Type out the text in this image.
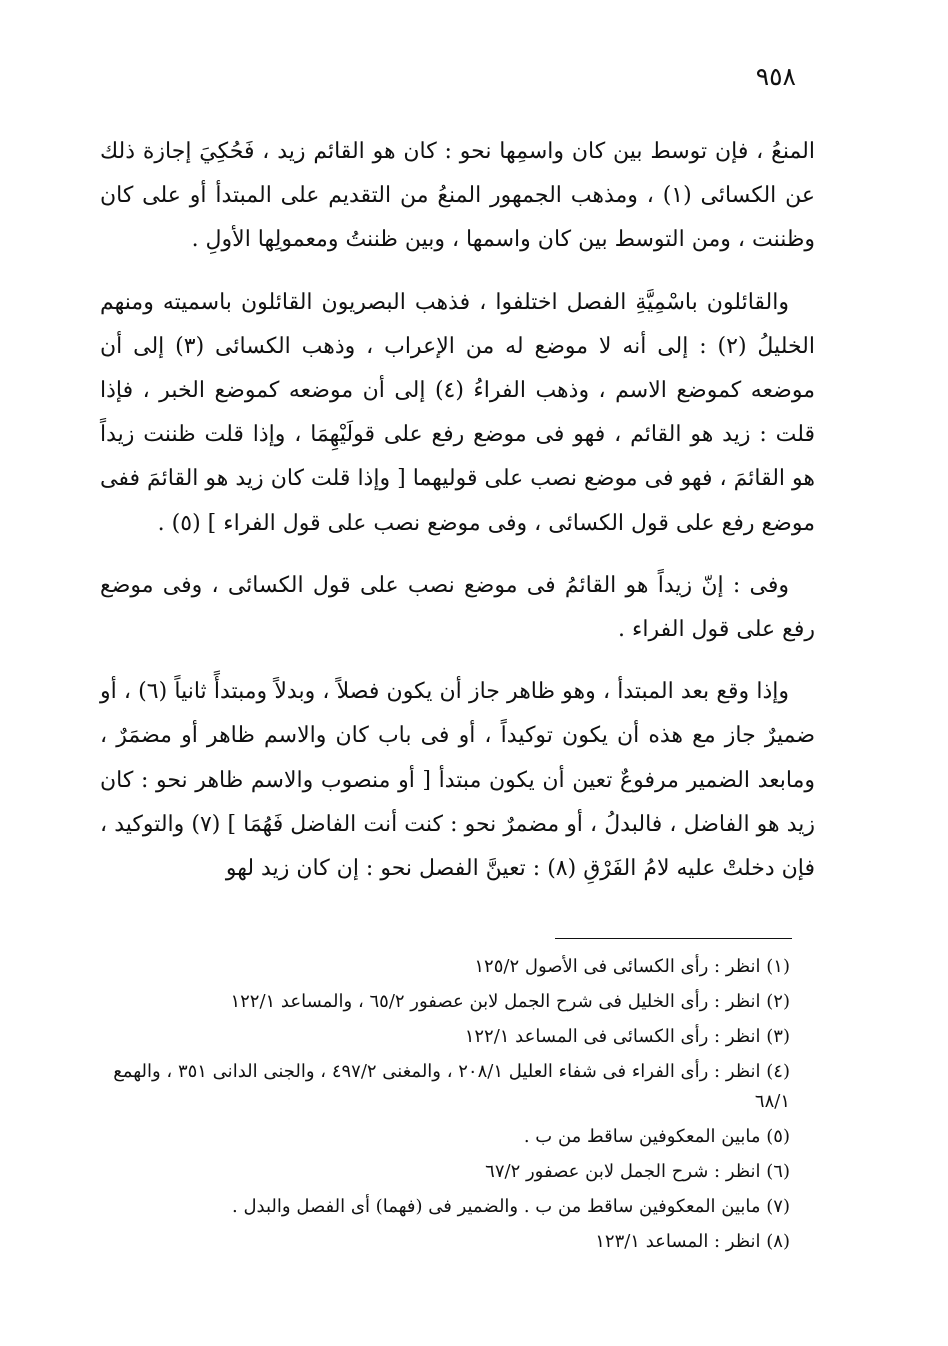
٩٥٨

المنعُ ، فإن توسط بين كان واسمِها نحو : كان هو القائم زيد ، فَحُكِيَ إجازة ذلك عن الكسائى (١) ، ومذهب الجمهور المنعُ من التقديم على المبتدأ أو على كان وظننت ، ومن التوسط بين كان واسمها ، وبين ظننتُ ومعمولِها الأولِ .

والقائلون باسْمِيَّةِ الفصل اختلفوا ، فذهب البصريون القائلون باسميته ومنهم الخليلُ (٢) : إلى أنه لا موضع له من الإعراب ، وذهب الكسائى (٣) إلى أن موضعه كموضع الاسم ، وذهب الفراءُ (٤) إلى أن موضعه كموضع الخبر ، فإذا قلت : زيد هو القائم ، فهو فى موضع رفع على قولَيْهِمَا ، وإذا قلت ظننت زيداً هو القائمَ ، فهو فى موضع نصب على قوليهما [ وإذا قلت كان زيد هو القائمَ ففى موضع رفع على قول الكسائى ، وفى موضع نصب على قول الفراء ] (٥) .

وفى : إنّ زيداً هو القائمُ فى موضع نصب على قول الكسائى ، وفى موضع رفع على قول الفراء .

وإذا وقع بعد المبتدأ ، وهو ظاهر جاز أن يكون فصلاً ، وبدلاً ومبتدأً ثانياً (٦) ، أو ضميرٌ جاز مع هذه أن يكون توكيداً ، أو فى باب كان والاسم ظاهر أو مضمَرٌ ، ومابعد الضمير مرفوعٌ تعين أن يكون مبتدأ [ أو منصوب والاسم ظاهر نحو : كان زيد هو الفاضل ، فالبدلُ ، أو مضمرٌ نحو : كنت أنت الفاضل فَهُمَا ] (٧) والتوكيد ، فإن دخلتْ عليه لامُ الفَرْقِ (٨) : تعينَّ الفصل نحو : إن كان زيد لهو

(١) انظر : رأى الكسائى فى الأصول ١٢٥/٢
(٢) انظر : رأى الخليل فى شرح الجمل لابن عصفور ٦٥/٢ ، والمساعد ١٢٢/١
(٣) انظر : رأى الكسائى فى المساعد ١٢٢/١
(٤) انظر : رأى الفراء فى شفاء العليل ٢٠٨/١ ، والمغنى ٤٩٧/٢ ، والجنى الدانى ٣٥١ ، والهمع ٦٨/١
(٥) مابين المعكوفين ساقط من ب .
(٦) انظر : شرح الجمل لابن عصفور ٦٧/٢
(٧) مابين المعكوفين ساقط من ب . والضمير فى (فهما) أى الفصل والبدل .
(٨) انظر : المساعد ١٢٣/١
